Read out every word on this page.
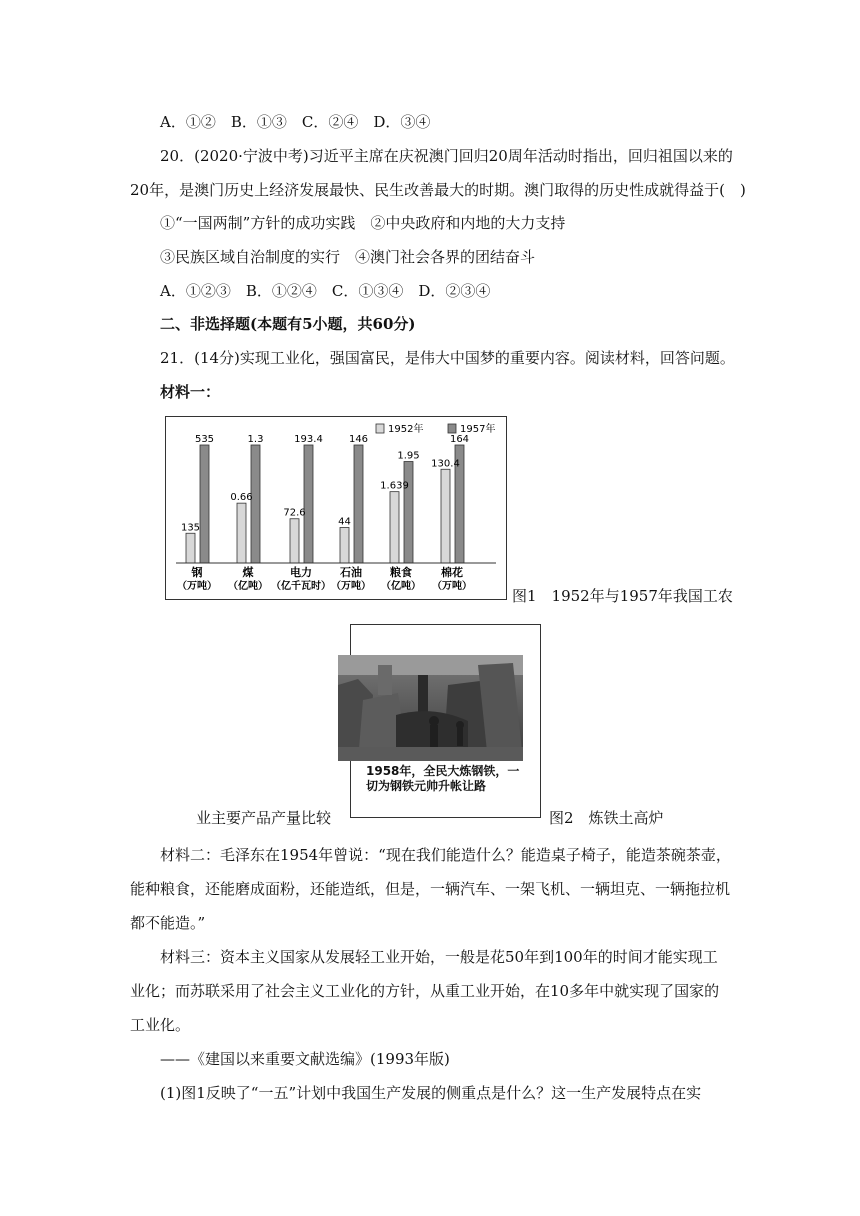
A．①②　B．①③　C．②④　D．③④
20．(2020·宁波中考)习近平主席在庆祝澳门回归20周年活动时指出，回归祖国以来的
20年，是澳门历史上经济发展最快、民生改善最大的时期。澳门取得的历史性成就得益于(　)
①“一国两制”方针的成功实践　②中央政府和内地的大力支持
③民族区域自治制度的实行　④澳门社会各界的团结奋斗
A．①②③　B．①②④　C．①③④　D．②③④
二、非选择题(本题有5小题，共60分)
21．(14分)实现工业化，强国富民，是伟大中国梦的重要内容。阅读材料，回答问题。
材料一：
135
535
钢
（万吨）
0.66
1.3
煤
（亿吨）
72.6
193.4
电力
（亿千瓦时）
44
146
石油
（万吨）
1.639
1.95
粮食
（亿吨）
130.4
164
棉花
（万吨）
1952年	1957年
图1　1952年与1957年我国工农
1958年，全民大炼钢铁，一
切为钢铁元帅升帐让路
业主要产品产量比较	图2　炼铁土高炉
材料二：毛泽东在1954年曾说：“现在我们能造什么？能造桌子椅子，能造茶碗茶壶，
能种粮食，还能磨成面粉，还能造纸，但是，一辆汽车、一架飞机、一辆坦克、一辆拖拉机
都不能造。”
材料三：资本主义国家从发展轻工业开始，一般是花50年到100年的时间才能实现工
业化；而苏联采用了社会主义工业化的方针，从重工业开始，在10多年中就实现了国家的
工业化。
——《建国以来重要文献选编》(1993年版)
(1)图1反映了“一五”计划中我国生产发展的侧重点是什么？这一生产发展特点在实
